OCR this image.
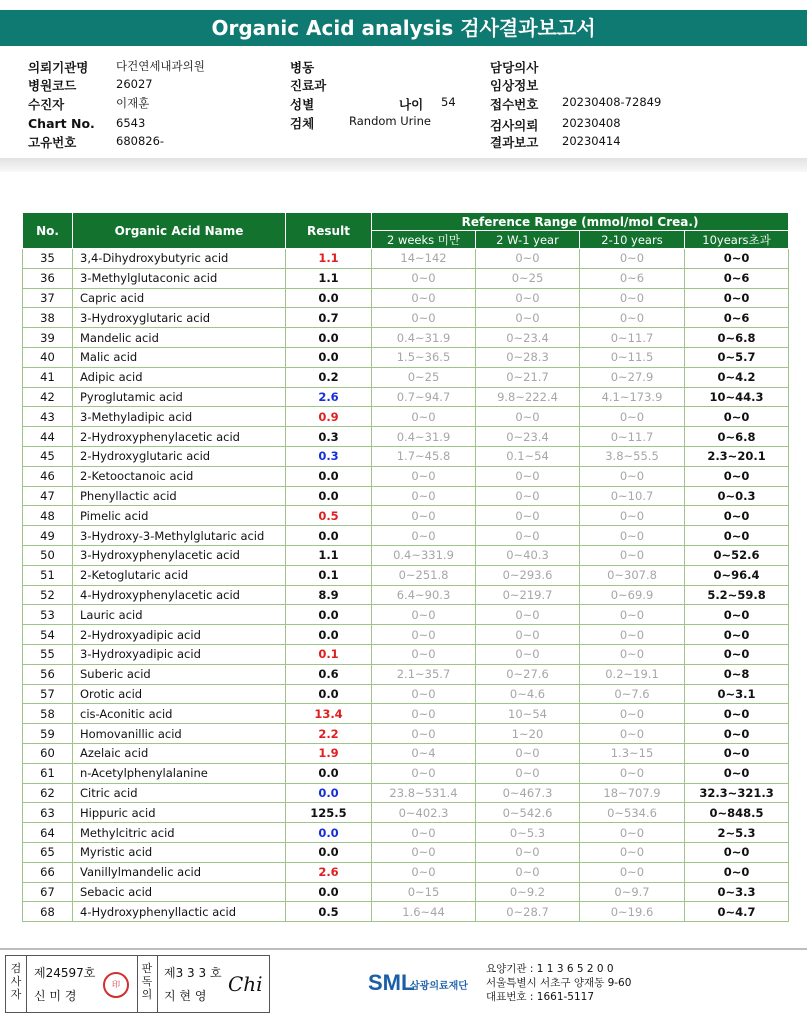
Organic Acid analysis 검사결과보고서
의뢰기관명 다건연세내과의원
병원코드	26027
수진자	이재훈
Chart No. 6543
고유번호	680826-
병동
진료과
성별	나이 54
검체	Random Urine
담당의사
임상정보
접수번호 20230408-72849
검사의뢰 20230408
결과보고 20230414
No.	Organic Acid Name	Result	Reference Range (mmol/mol Crea.)			
			2 weeks 미만	2 W-1 year	2-10 years	10years초과
35	3,4-Dihydroxybutyric acid	1.1	14~142	0~0	0~0	0~0
36	3-Methylglutaconic acid	1.1	0~0	0~25	0~6	0~6
37	Capric acid	0.0	0~0	0~0	0~0	0~0
38	3-Hydroxyglutaric acid	0.7	0~0	0~0	0~0	0~6
39	Mandelic acid	0.0	0.4~31.9	0~23.4	0~11.7	0~6.8
40	Malic acid	0.0	1.5~36.5	0~28.3	0~11.5	0~5.7
41	Adipic acid	0.2	0~25	0~21.7	0~27.9	0~4.2
42	Pyroglutamic acid	2.6	0.7~94.7	9.8~222.4	4.1~173.9	10~44.3
43	3-Methyladipic acid	0.9	0~0	0~0	0~0	0~0
44	2-Hydroxyphenylacetic acid	0.3	0.4~31.9	0~23.4	0~11.7	0~6.8
45	2-Hydroxyglutaric acid	0.3	1.7~45.8	0.1~54	3.8~55.5	2.3~20.1
46	2-Ketooctanoic acid	0.0	0~0	0~0	0~0	0~0
47	Phenyllactic acid	0.0	0~0	0~0	0~10.7	0~0.3
48	Pimelic acid	0.5	0~0	0~0	0~0	0~0
49	3-Hydroxy-3-Methylglutaric acid	0.0	0~0	0~0	0~0	0~0
50	3-Hydroxyphenylacetic acid	1.1	0.4~331.9	0~40.3	0~0	0~52.6
51	2-Ketoglutaric acid	0.1	0~251.8	0~293.6	0~307.8	0~96.4
52	4-Hydroxyphenylacetic acid	8.9	6.4~90.3	0~219.7	0~69.9	5.2~59.8
53	Lauric acid	0.0	0~0	0~0	0~0	0~0
54	2-Hydroxyadipic acid	0.0	0~0	0~0	0~0	0~0
55	3-Hydroxyadipic acid	0.1	0~0	0~0	0~0	0~0
56	Suberic acid	0.6	2.1~35.7	0~27.6	0.2~19.1	0~8
57	Orotic acid	0.0	0~0	0~4.6	0~7.6	0~3.1
58	cis-Aconitic acid	13.4	0~0	10~54	0~0	0~0
59	Homovanillic acid	2.2	0~0	1~20	0~0	0~0
60	Azelaic acid	1.9	0~4	0~0	1.3~15	0~0
61	n-Acetylphenylalanine	0.0	0~0	0~0	0~0	0~0
62	Citric acid	0.0	23.8~531.4	0~467.3	18~707.9	32.3~321.3
63	Hippuric acid	125.5	0~402.3	0~542.6	0~534.6	0~848.5
64	Methylcitric acid	0.0	0~0	0~5.3	0~0	2~5.3
65	Myristic acid	0.0	0~0	0~0	0~0	0~0
66	Vanillylmandelic acid	2.6	0~0	0~0	0~0	0~0
67	Sebacic acid	0.0	0~15	0~9.2	0~9.7	0~3.3
68	4-Hydroxyphenyllactic acid	0.5	1.6~44	0~28.7	0~19.6	0~4.7
검사자
제24597호
신 미 경
印
판독의
제3 3 3 호
지 현 영 Chi	SML
삼광의료재단
요양기관 : 1 1 3 6 5 2 0 0
서울특별시 서초구 양재동 9-60
대표번호 : 1661-5117
